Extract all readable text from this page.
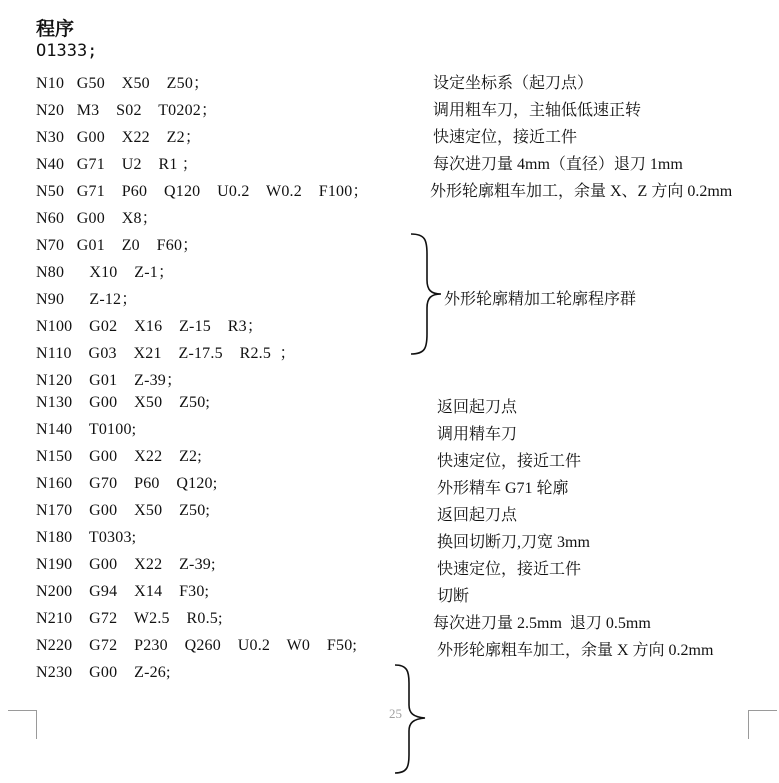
程序
O1333;
N10   G50    X50    Z50；
N20   M3    S02    T0202；
N30   G00    X22    Z2；
N40   G71    U2    R1 ；
N50   G71    P60    Q120    U0.2    W0.2    F100；
N60   G00    X8；
N70   G01    Z0    F60；
N80      X10    Z-1；
N90      Z-12；
N100    G02    X16    Z-15    R3；
N110    G03    X21    Z-17.5    R2.5  ；
N120    G01    Z-39；
N130    G00    X50    Z50;
N140    T0100;
N150    G00    X22    Z2;
N160    G70    P60    Q120;
N170    G00    X50    Z50;
N180    T0303;
N190    G00    X22    Z-39;
N200    G94    X14    F30;
N210    G72    W2.5    R0.5;
N220    G72    P230    Q260    U0.2    W0    F50;
N230    G00    Z-26;
设定坐标系（起刀点）
调用粗车刀，主轴低低速正转
快速定位，接近工件
每次进刀量 4mm（直径）退刀 1mm
外形轮廓粗车加工，余量 X、Z 方向 0.2mm
返回起刀点
调用精车刀
快速定位，接近工件
外形精车 G71 轮廓
返回起刀点
换回切断刀,刀宽 3mm
快速定位，接近工件
切断
每次进刀量 2.5mm  退刀 0.5mm
外形轮廓粗车加工，余量 X 方向 0.2mm
外形轮廓精加工轮廓程序群
25
